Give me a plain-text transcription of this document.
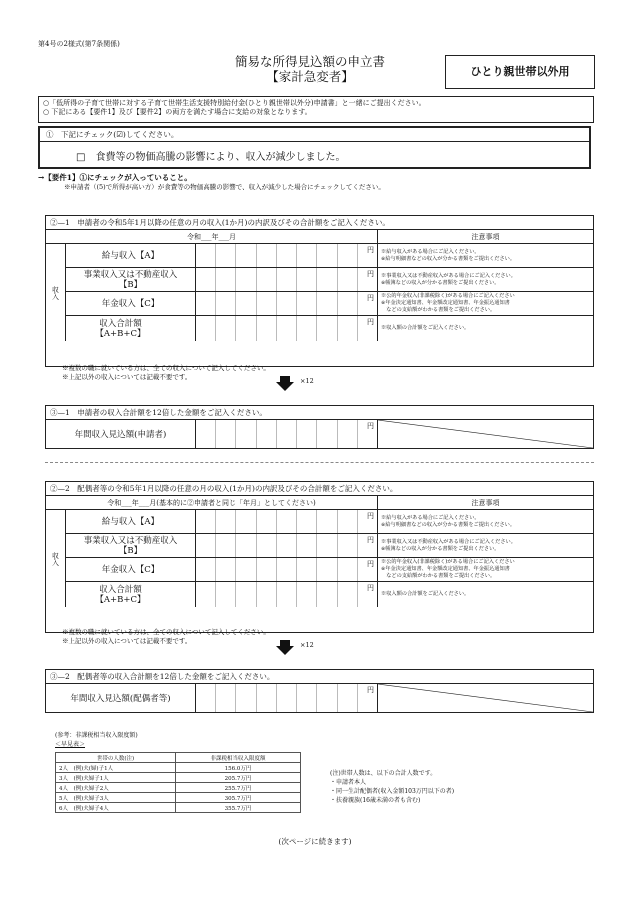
第4号の2様式(第7条関係)
簡易な所得見込額の申立書
【家計急変者】	ひとり親世帯以外用
○「低所得の子育て世帯に対する子育て世帯生活支援特別給付金(ひとり親世帯以外分)申請書」と一緒にご提出ください。
○ 下記にある【要件1】及び【要件2】の両方を満たす場合に支給の対象となります。
①　下記にチェック(☑)してください。
□　食費等の物価高騰の影響により、収入が減少しました。
→【要件1】①にチェックが入っていること。
※申請者（(5)で所得が高い方）が食費等の物価高騰の影響で、収入が減少した場合にチェックしてください。
②—1　申請者の令和5年1月以降の任意の月の収入(1か月)の内訳及びその合計額をご記入ください。
令和___年___月	注意事項
収入
給与収入【A】
円	※給与収入がある場合にご記入ください。
※給与明細書などの収入が分かる書類をご提出ください。
事業収入又は不動産収入
【B】
円	※事業収入又は不動産収入がある場合にご記入ください。
※帳簿などの収入が分かる書類をご提出ください。
年金収入【C】
円	※公的年金収入(非課税除く)がある場合にご記入ください
※年金決定通知書、年金額改定通知書、年金振込通知書
　などの支給額がわかる書類をご提出ください。
収入合計額
【A+B+C】
円
※収入額の合計額をご記入ください。
※複数の職に就いている方は、全ての収入について記入してください。
※上記以外の収入については記載不要です。	×12
③—1　申請者の収入合計額を12倍した金額をご記入ください。
年間収入見込額(申請者)
円
②—2　配偶者等の令和5年1月以降の任意の月の収入(1か月)の内訳及びその合計額をご記入ください。
令和___年___月(基本的に②申請者と同じ「年月」としてください)	注意事項
収入
給与収入【A】
円	※給与収入がある場合にご記入ください。
※給与明細書などの収入が分かる書類をご提出ください。
事業収入又は不動産収入
【B】
円	※事業収入又は不動産収入がある場合にご記入ください。
※帳簿などの収入が分かる書類をご提出ください。
年金収入【C】
円	※公的年金収入(非課税除く)がある場合にご記入ください
※年金決定通知書、年金額改定通知書、年金振込通知書
　などの支給額がわかる書類をご提出ください。
収入合計額
【A+B+C】
円
※収入額の合計額をご記入ください。
※複数の職に就いている方は、全ての収入について記入してください。
※上記以外の収入については記載不要です。	×12
③—2　配偶者等の収入合計額を12倍した金額をご記入ください。
年間収入見込額(配偶者等)
円
(参考：非課税相当収入限度額)
＜早見表＞
世帯の人数(注)	非課税相当収入限度額
2人　(例)夫(婦)子1人	156.0万円
3人　(例)夫婦子1人	205.7万円
4人　(例)夫婦子2人	255.7万円
5人　(例)夫婦子3人	305.7万円
6人　(例)夫婦子4人	355.7万円
(注)世帯人数は、以下の合計人数です。
・申請者本人
・同一生計配偶者(収入金額103万円以下の者)
・扶養親族(16歳未満の者も含む)
(次ページに続きます)
